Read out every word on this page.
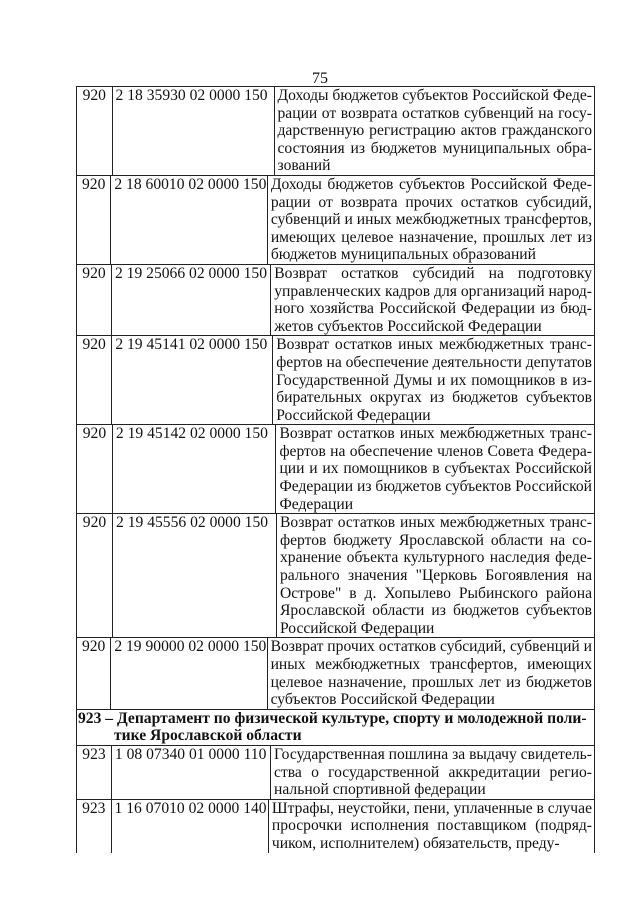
75
920 2 18 35930 02 0000 150 Доходы бюджетов субъектов Российской Феде-
рации от возврата остатков субвенций на госу-
дарственную регистрацию актов гражданского
состояния из бюджетов муниципальных обра-
зований
920 2 18 60010 02 0000 150 Доходы бюджетов субъектов Российской Феде-
рации от возврата прочих остатков субсидий,
субвенций и иных межбюджетных трансфертов,
имеющих целевое назначение, прошлых лет из
бюджетов муниципальных образований
920 2 19 25066 02 0000 150 Возврат остатков субсидий на подготовку
управленческих кадров для организаций народ-
ного хозяйства Российской Федерации из бюд-
жетов субъектов Российской Федерации
920 2 19 45141 02 0000 150 Возврат остатков иных межбюджетных транс-
фертов на обеспечение деятельности депутатов
Государственной Думы и их помощников в из-
бирательных округах из бюджетов субъектов
Российской Федерации
920 2 19 45142 02 0000 150 Возврат остатков иных межбюджетных транс-
фертов на обеспечение членов Совета Федера-
ции и их помощников в субъектах Российской
Федерации из бюджетов субъектов Российской
Федерации
920 2 19 45556 02 0000 150 Возврат остатков иных межбюджетных транс-
фертов бюджету Ярославской области на со-
хранение объекта культурного наследия феде-
рального значения "Церковь Богоявления на
Острове" в д. Хопылево Рыбинского района
Ярославской области из бюджетов субъектов
Российской Федерации
920 2 19 90000 02 0000 150 Возврат прочих остатков субсидий, субвенций и
иных межбюджетных трансфертов, имеющих
целевое назначение, прошлых лет из бюджетов
субъектов Российской Федерации
923 – Департамент по физической культуре, спорту и молодежной поли-
тике Ярославской области
923 1 08 07340 01 0000 110 Государственная пошлина за выдачу свидетель-
ства о государственной аккредитации регио-
нальной спортивной федерации
923 1 16 07010 02 0000 140 Штрафы, неустойки, пени, уплаченные в случае
просрочки исполнения поставщиком (подряд-
чиком, исполнителем) обязательств, преду-
